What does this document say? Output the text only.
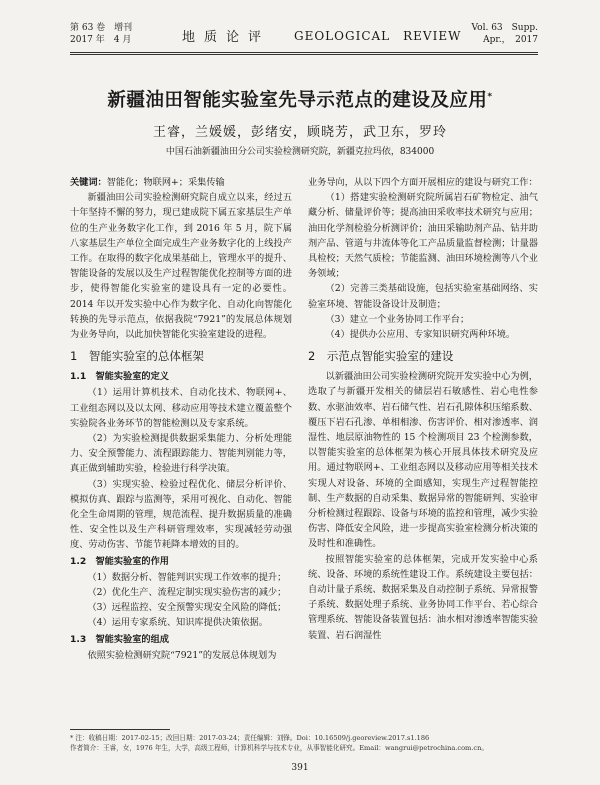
第 63 卷　增刊
2017 年　4 月	地质论评 GEOLOGICAL　REVIEW
Vol. 63　Supp.
Apr.，　2017
新疆油田智能实验室先导示范点的建设及应用*
王睿，兰媛媛，彭绪安，顾晓芳，武卫东，罗玲
中国石油新疆油田分公司实验检测研究院，新疆克拉玛依，834000

关键词：智能化；物联网+；采集传输

新疆油田公司实验检测研究院自成立以来，经过五十年坚持不懈的努力，现已建成院下属五家基层生产单位的生产业务数字化工作，到 2016 年 5 月，院下属八家基层生产单位全面完成生产业务数字化的上线投产工作。在取得的数字化成果基础上，管理水平的提升、智能设备的发展以及生产过程智能优化控制等方面的进步，使得智能化实验室的建设具有一定的必要性。2014 年以开发实验中心作为数字化、自动化向智能化转换的先导示范点，依据我院“7921”的发展总体规划为业务导向，以此加快智能化实验室建设的进程。

1　智能实验室的总体框架
1.1　智能实验室的定义

（1）运用计算机技术、自动化技术、物联网+、工业组态网以及以太网、移动应用等技术建立覆盖整个实验院各业务环节的智能检测以及专家系统。

（2）为实验检测提供数据采集能力、分析处理能力、安全预警能力、流程跟踪能力、智能判别能力等，真正做到辅助实验，检验进行科学决策。

（3）实现实验、检验过程优化、储层分析评价、模拟仿真、跟踪与监测等，采用可视化、自动化、智能化全生命周期的管理，规范流程、提升数据质量的准确性、安全性以及生产科研管理效率，实现减轻劳动强度、劳动伤害、节能节耗降本增效的目的。

1.2　智能实验室的作用

（1）数据分析、智能判识实现工作效率的提升；

（2）优化生产、流程定制实现实验伤害的减少；

（3）远程监控、安全预警实现安全风险的降低；

（4）运用专家系统、知识库提供决策依据。

1.3　智能实验室的组成

依照实验检测研究院“7921”的发展总体规划为

业务导向，从以下四个方面开展相应的建设与研究工作：

（1）搭建实验检测研究院所属岩石矿物检定、油气藏分析、储量评价等；提高油田采收率技术研究与应用；油田化学剂检验分析测评价；油田采输助剂产品、钻井助剂产品、管道与井流体等化工产品质量监督检测；计量器具检校；天然气质检；节能监测、油田环境检测等八个业务领域；

（2）完善三类基础设施，包括实验室基础网络、实验室环境、智能设备设计及制造；

（3）建立一个业务协同工作平台；

（4）提供办公应用、专家知识研究两种环境。

2　示范点智能实验室的建设

以新疆油田公司实验检测研究院开发实验中心为例，选取了与新疆开发相关的储层岩石敏感性、岩心电性参数、水驱油效率、岩石储气性、岩石孔隙体积压缩系数、覆压下岩石孔渗、单相相渗、伤害评价、相对渗透率、润湿性、地层原油物性的 15 个检测项目 23 个检测参数，以智能实验室的总体框架为核心开展具体技术研究及应用。通过物联网+、工业组态网以及移动应用等相关技术实现人对设备、环境的全面感知，实现生产过程智能控制、生产数据的自动采集、数据异常的智能研判、实验审分析检测过程跟踪、设备与环境的监控和管理，减少实验伤害、降低安全风险，进一步提高实验室检测分析决策的及时性和准确性。

按照智能实验室的总体框架，完成开发实验中心系统、设备、环境的系统性建设工作。系统建设主要包括：自动计量子系统、数据采集及自动控制子系统、异常报警子系统、数据处理子系统、业务协同工作平台、若心综合管理系统、智能设备装置包括：油水相对渗透率智能实验装置、岩石润湿性

* 注：收稿日期：2017-02-15；改回日期：2017-03-24；责任编辑：刘锋。Doi：10.16509/j.georeview.2017.s1.186
作者简介：王睿，女，1976 年生，大学，高级工程师，计算机科学与技术专业，从事智能化研究。Email：wangrui@petrochina.com.cn。
391
